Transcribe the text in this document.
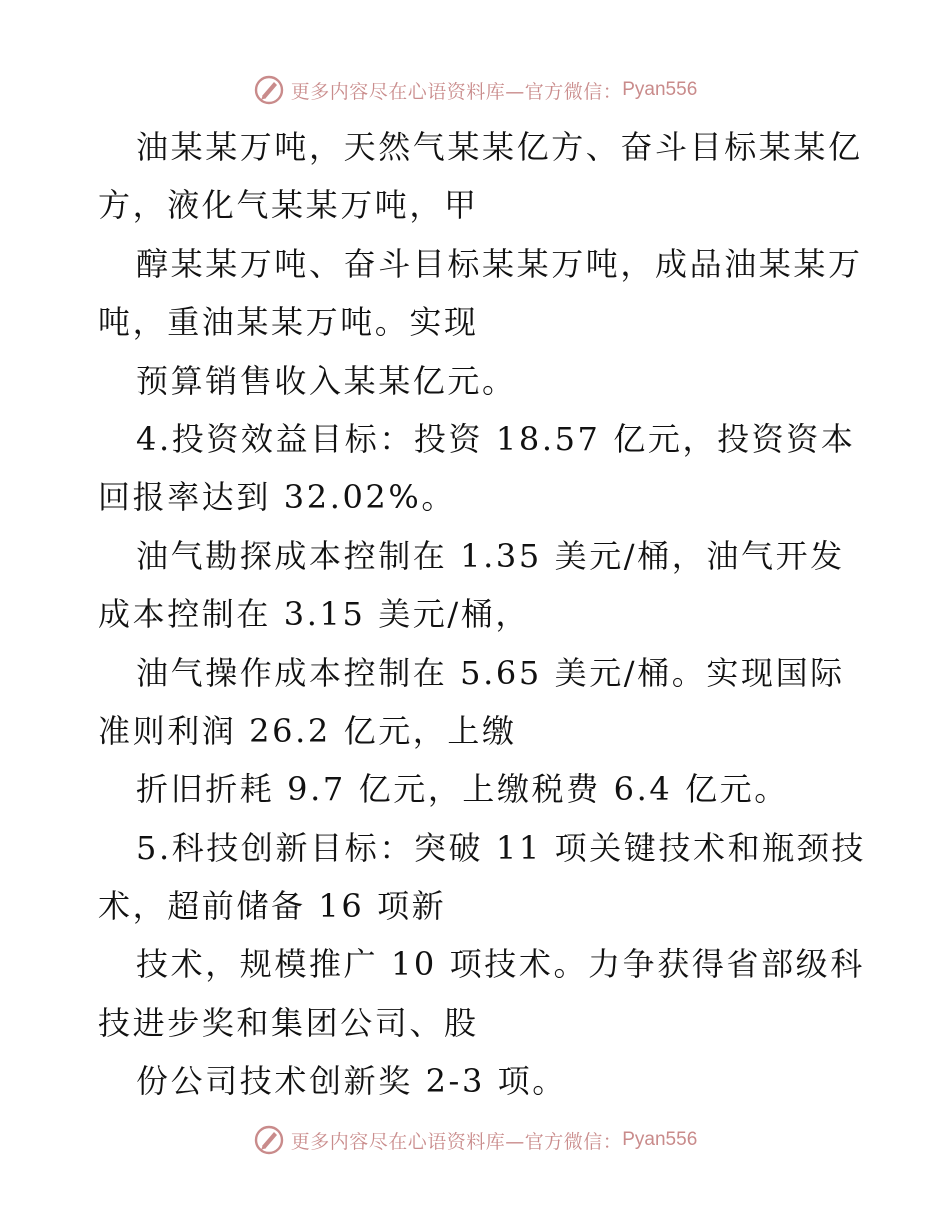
更多内容尽在心语资料库—官方微信： Pyan556
油某某万吨，天然气某某亿方、奋斗目标某某亿
方，液化气某某万吨，甲
醇某某万吨、奋斗目标某某万吨，成品油某某万
吨，重油某某万吨。实现
预算销售收入某某亿元。
4.投资效益目标：投资 18.57 亿元，投资资本
回报率达到 32.02%。
油气勘探成本控制在 1.35 美元/桶，油气开发
成本控制在 3.15 美元/桶，
油气操作成本控制在 5.65 美元/桶。实现国际
准则利润 26.2 亿元，上缴
折旧折耗 9.7 亿元，上缴税费 6.4 亿元。
5.科技创新目标：突破 11 项关键技术和瓶颈技
术，超前储备 16 项新
技术，规模推广 10 项技术。力争获得省部级科
技进步奖和集团公司、股
份公司技术创新奖 2-3 项。
更多内容尽在心语资料库—官方微信： Pyan556
